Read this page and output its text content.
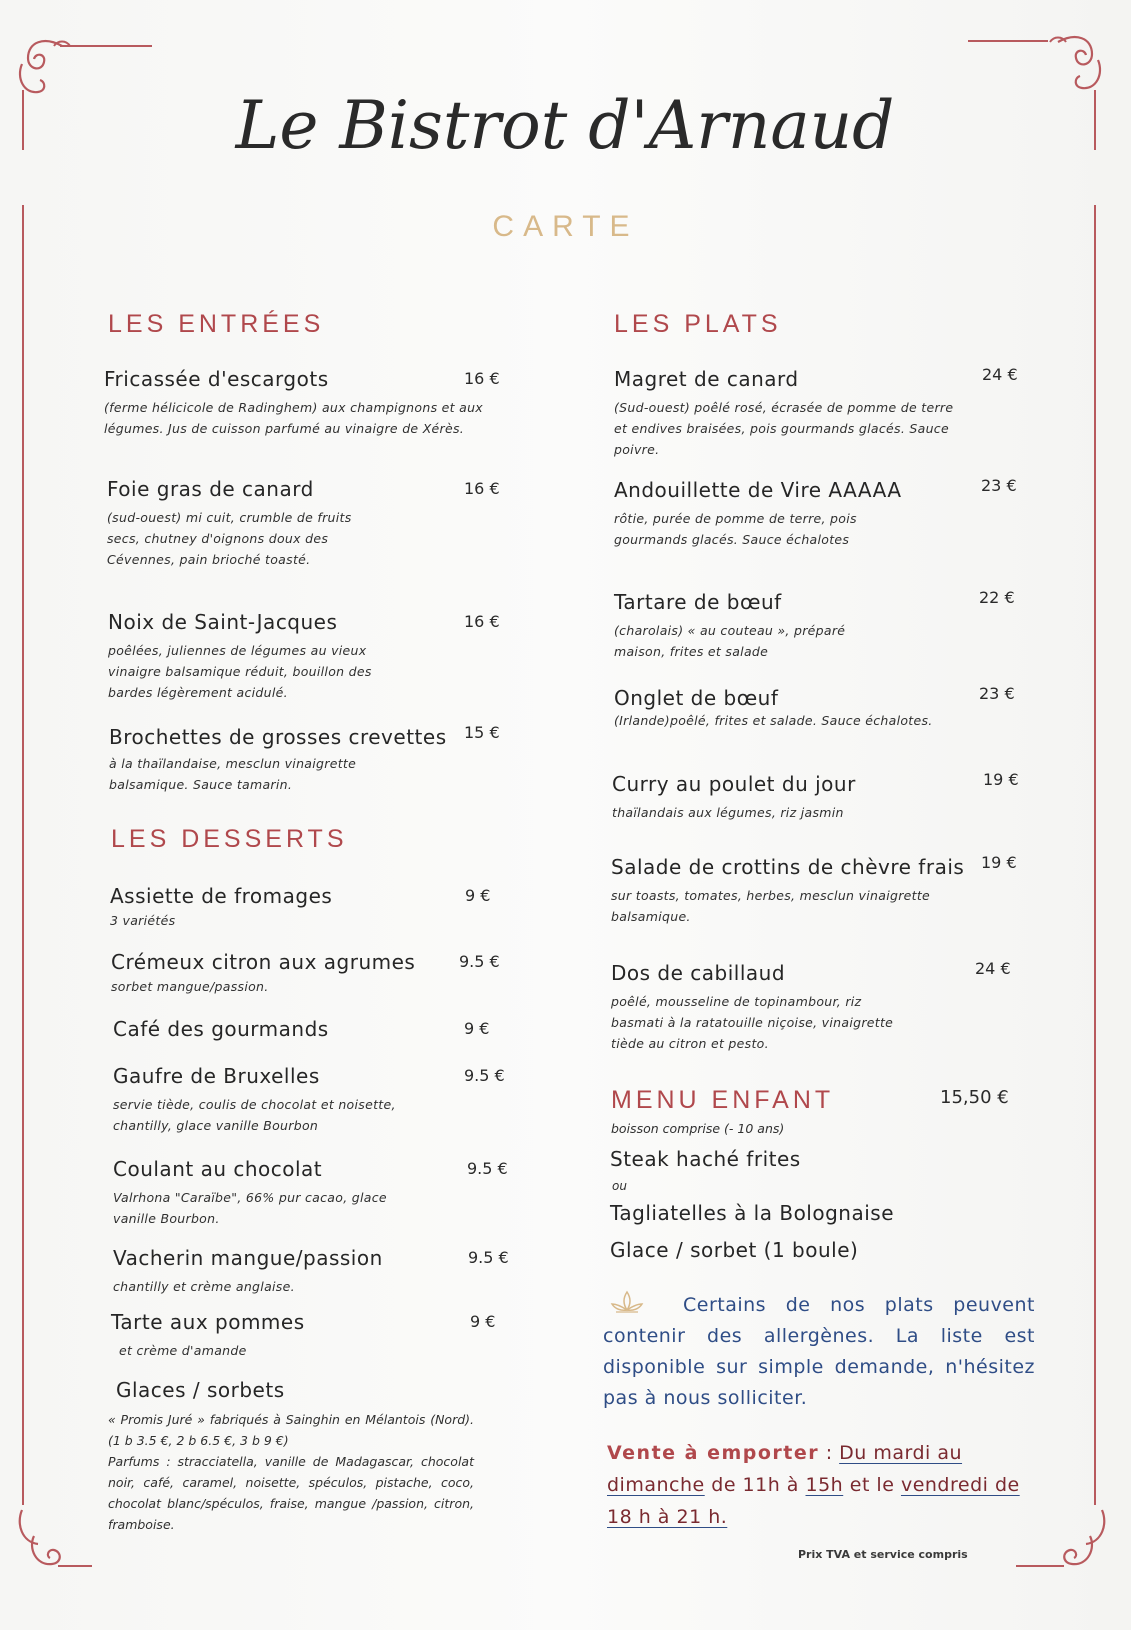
Le Bistrot d'Arnaud
CARTE
LES ENTRÉES
Fricassée d'escargots	16 €
(ferme hélicicole de Radinghem) aux champignons et aux légumes. Jus de cuisson parfumé au vinaigre de Xérès.
Foie gras de canard	16 €
(sud-ouest) mi cuit, crumble de fruits secs, chutney d'oignons doux des Cévennes, pain brioché toasté.
Noix de Saint-Jacques	16 €
poêlées, juliennes de légumes au vieux vinaigre balsamique réduit, bouillon des bardes légèrement acidulé.
Brochettes de grosses crevettes	15 €
à la thaïlandaise, mesclun vinaigrette balsamique. Sauce tamarin.
LES DESSERTS
Assiette de fromages	9 €
3 variétés
Crémeux citron aux agrumes	9.5 €
sorbet mangue/passion.
Café des gourmands	9 €
Gaufre de Bruxelles	9.5 €
servie tiède, coulis de chocolat et noisette, chantilly, glace vanille Bourbon
Coulant au chocolat	9.5 €
Valrhona "Caraïbe", 66% pur cacao, glace vanille Bourbon.
Vacherin mangue/passion	9.5 €
chantilly et crème anglaise.
Tarte aux pommes	9 €
et crème d'amande
Glaces / sorbets
« Promis Juré » fabriqués à Sainghin en Mélantois (Nord). (1 b 3.5 €, 2 b 6.5 €, 3 b 9 €)
Parfums : stracciatella, vanille de Madagascar, chocolat noir, café, caramel, noisette, spéculos, pistache, coco, chocolat blanc/spéculos, fraise, mangue /passion, citron, framboise.
LES PLATS
Magret de canard	24 €
(Sud-ouest) poêlé rosé, écrasée de pomme de terre et endives braisées, pois gourmands glacés. Sauce poivre.
Andouillette de Vire AAAAA	23 €
rôtie, purée de pomme de terre, pois gourmands glacés. Sauce échalotes
Tartare de bœuf	22 €
(charolais) « au couteau », préparé maison, frites et salade
Onglet de bœuf	23 €
(Irlande)poêlé, frites et salade. Sauce échalotes.
Curry au poulet du jour	19 €
thaïlandais aux légumes, riz jasmin
Salade de crottins de chèvre frais	19 €
sur toasts, tomates, herbes, mesclun vinaigrette balsamique.
Dos de cabillaud	24 €
poêlé, mousseline de topinambour, riz basmati à la ratatouille niçoise, vinaigrette tiède au citron et pesto.
MENU ENFANT	15,50 €
boisson comprise (- 10 ans)
Steak haché frites
ou
Tagliatelles à la Bolognaise
Glace / sorbet (1 boule)
Certains de nos plats peuvent contenir des allergènes. La liste est disponible sur simple demande, n'hésitez pas à nous solliciter.
Vente à emporter : Du mardi au dimanche de 11h à 15h et le vendredi de 18 h à 21 h.
Prix TVA et service compris
